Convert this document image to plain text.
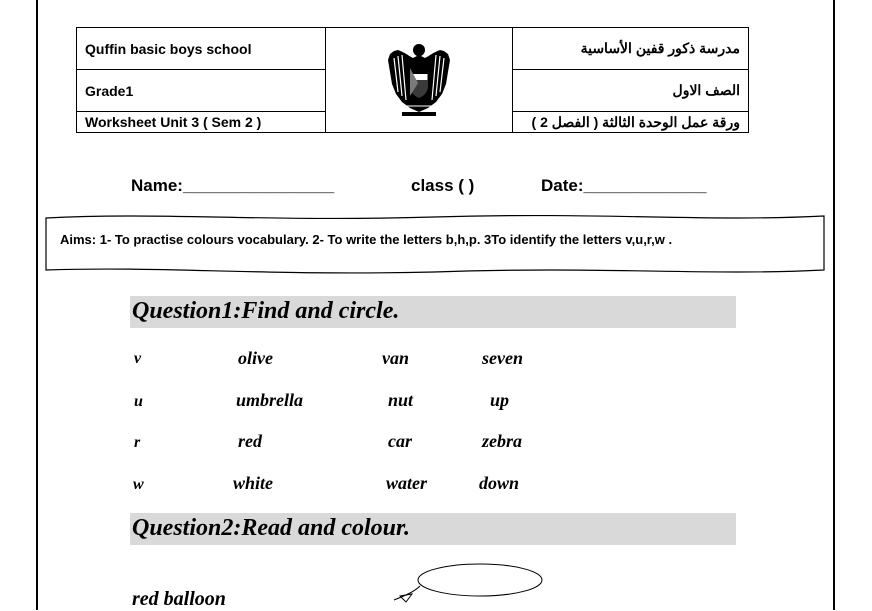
Quffin basic boys school		مدرسة ذكور قفين الأساسية
Grade1		الصف الاول
Worksheet Unit 3 ( Sem 2 )		ورقة عمل الوحدة الثالثة ( الفصل 2 )
Name:________________	class ( )	Date:_____________
Aims: 1- To practise colours vocabulary. 2- To write the letters b,h,p. 3To identify the letters v,u,r,w .
Question1:Find and circle.
v	olive	van	seven
u	umbrella	nut	up
r	red	car	zebra
w	white	water	down
Question2:Read and colour.
red balloon
